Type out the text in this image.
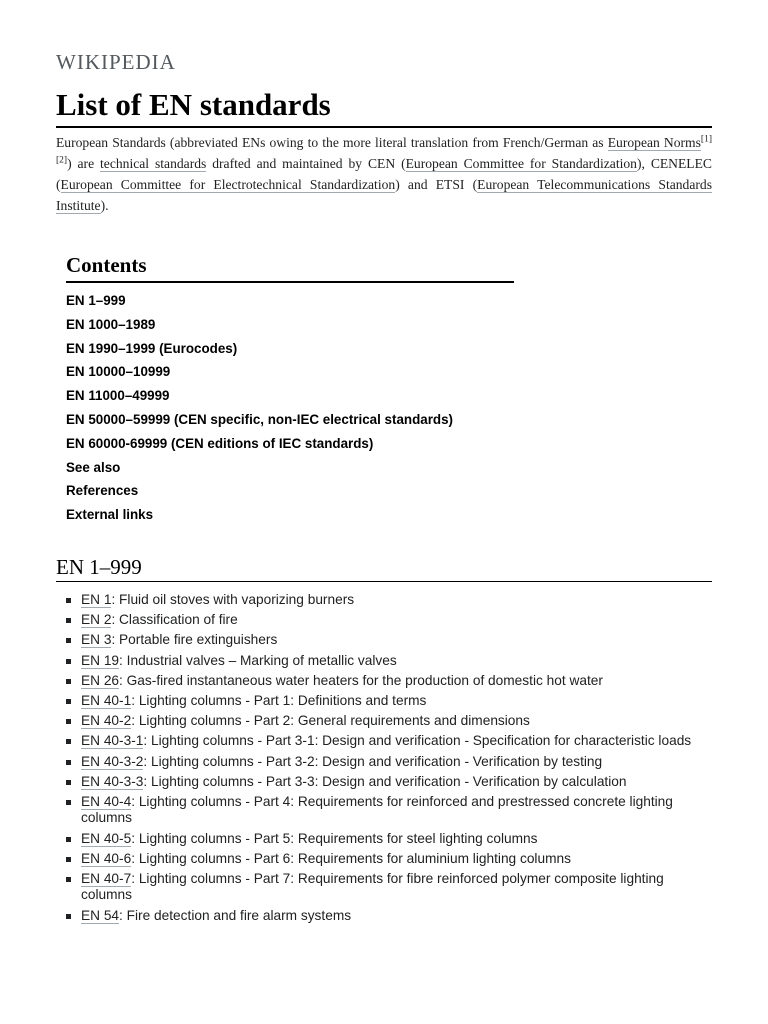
WIKIPEDIA
List of EN standards

European Standards (abbreviated ENs owing to the more literal translation from French/German as European Norms[1][2]) are technical standards drafted and maintained by CEN (European Committee for Standardization), CENELEC (European Committee for Electrotechnical Standardization) and ETSI (European Telecommunications Standards Institute).

Contents
EN 1–999
EN 1000–1989
EN 1990–1999 (Eurocodes)
EN 10000–10999
EN 11000–49999
EN 50000–59999 (CEN specific, non-IEC electrical standards)
EN 60000-69999 (CEN editions of IEC standards)
See also
References
External links
EN 1–999
EN 1: Fluid oil stoves with vaporizing burners
EN 2: Classification of fire
EN 3: Portable fire extinguishers
EN 19: Industrial valves – Marking of metallic valves
EN 26: Gas-fired instantaneous water heaters for the production of domestic hot water
EN 40-1: Lighting columns - Part 1: Definitions and terms
EN 40-2: Lighting columns - Part 2: General requirements and dimensions
EN 40-3-1: Lighting columns - Part 3-1: Design and verification - Specification for characteristic loads
EN 40-3-2: Lighting columns - Part 3-2: Design and verification - Verification by testing
EN 40-3-3: Lighting columns - Part 3-3: Design and verification - Verification by calculation
EN 40-4: Lighting columns - Part 4: Requirements for reinforced and prestressed concrete lighting columns
EN 40-5: Lighting columns - Part 5: Requirements for steel lighting columns
EN 40-6: Lighting columns - Part 6: Requirements for aluminium lighting columns
EN 40-7: Lighting columns - Part 7: Requirements for fibre reinforced polymer composite lighting columns
EN 54: Fire detection and fire alarm systems
